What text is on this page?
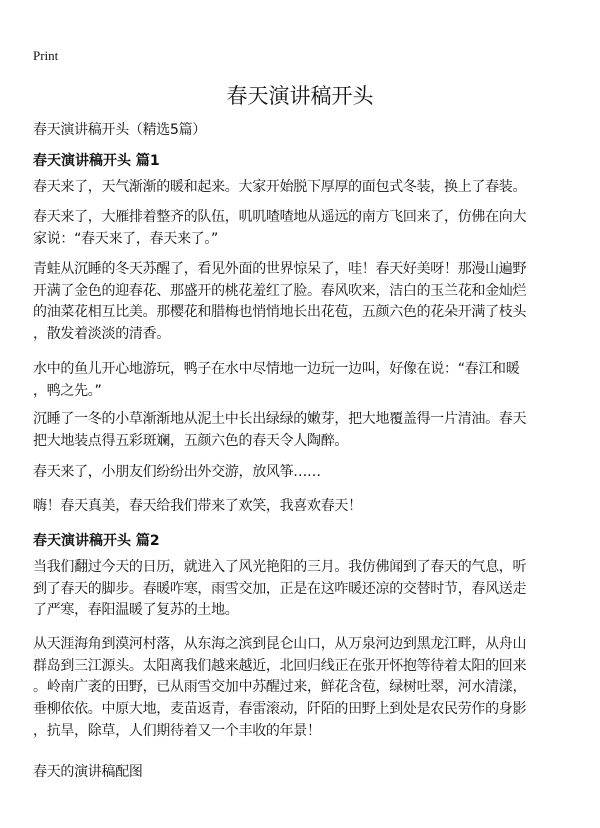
Print
春天演讲稿开头
春天演讲稿开头（精选5篇）
春天演讲稿开头 篇1
春天来了，天气渐渐的暖和起来。大家开始脱下厚厚的面包式冬装，换上了春装。
春天来了，大雁排着整齐的队伍，叽叽喳喳地从遥远的南方飞回来了，仿佛在向大
家说：“春天来了，春天来了。”
青蛙从沉睡的冬天苏醒了，看见外面的世界惊呆了，哇！春天好美呀！那漫山遍野
开满了金色的迎春花、那盛开的桃花羞红了脸。春风吹来，洁白的玉兰花和金灿烂
的油菜花相互比美。那樱花和腊梅也悄悄地长出花苞，五颜六色的花朵开满了枝头
，散发着淡淡的清香。
水中的鱼儿开心地游玩，鸭子在水中尽情地一边玩一边叫，好像在说：“春江和暖
，鸭之先。”
沉睡了一冬的小草渐渐地从泥土中长出绿绿的嫩芽，把大地覆盖得一片清油。春天
把大地装点得五彩斑斓，五颜六色的春天令人陶醉。
春天来了，小朋友们纷纷出外交游，放风筝……
嗨！春天真美，春天给我们带来了欢笑，我喜欢春天！
春天演讲稿开头 篇2
当我们翻过今天的日历，就进入了风光艳阳的三月。我仿佛闻到了春天的气息，听
到了春天的脚步。春暖咋寒，雨雪交加，正是在这咋暖还凉的交替时节，春风送走
了严寒，春阳温暖了复苏的土地。
从天涯海角到漠河村落，从东海之滨到昆仑山口，从万泉河边到黑龙江畔，从舟山
群岛到三江源头。太阳离我们越来越近，北回归线正在张开怀抱等待着太阳的回来
。岭南广袤的田野，已从雨雪交加中苏醒过来，鲜花含苞，绿树吐翠，河水清漾，
垂柳依依。中原大地，麦苗返青，春雷滚动，阡陌的田野上到处是农民劳作的身影
，抗旱，除草，人们期待着又一个丰收的年景！
春天的演讲稿配图
